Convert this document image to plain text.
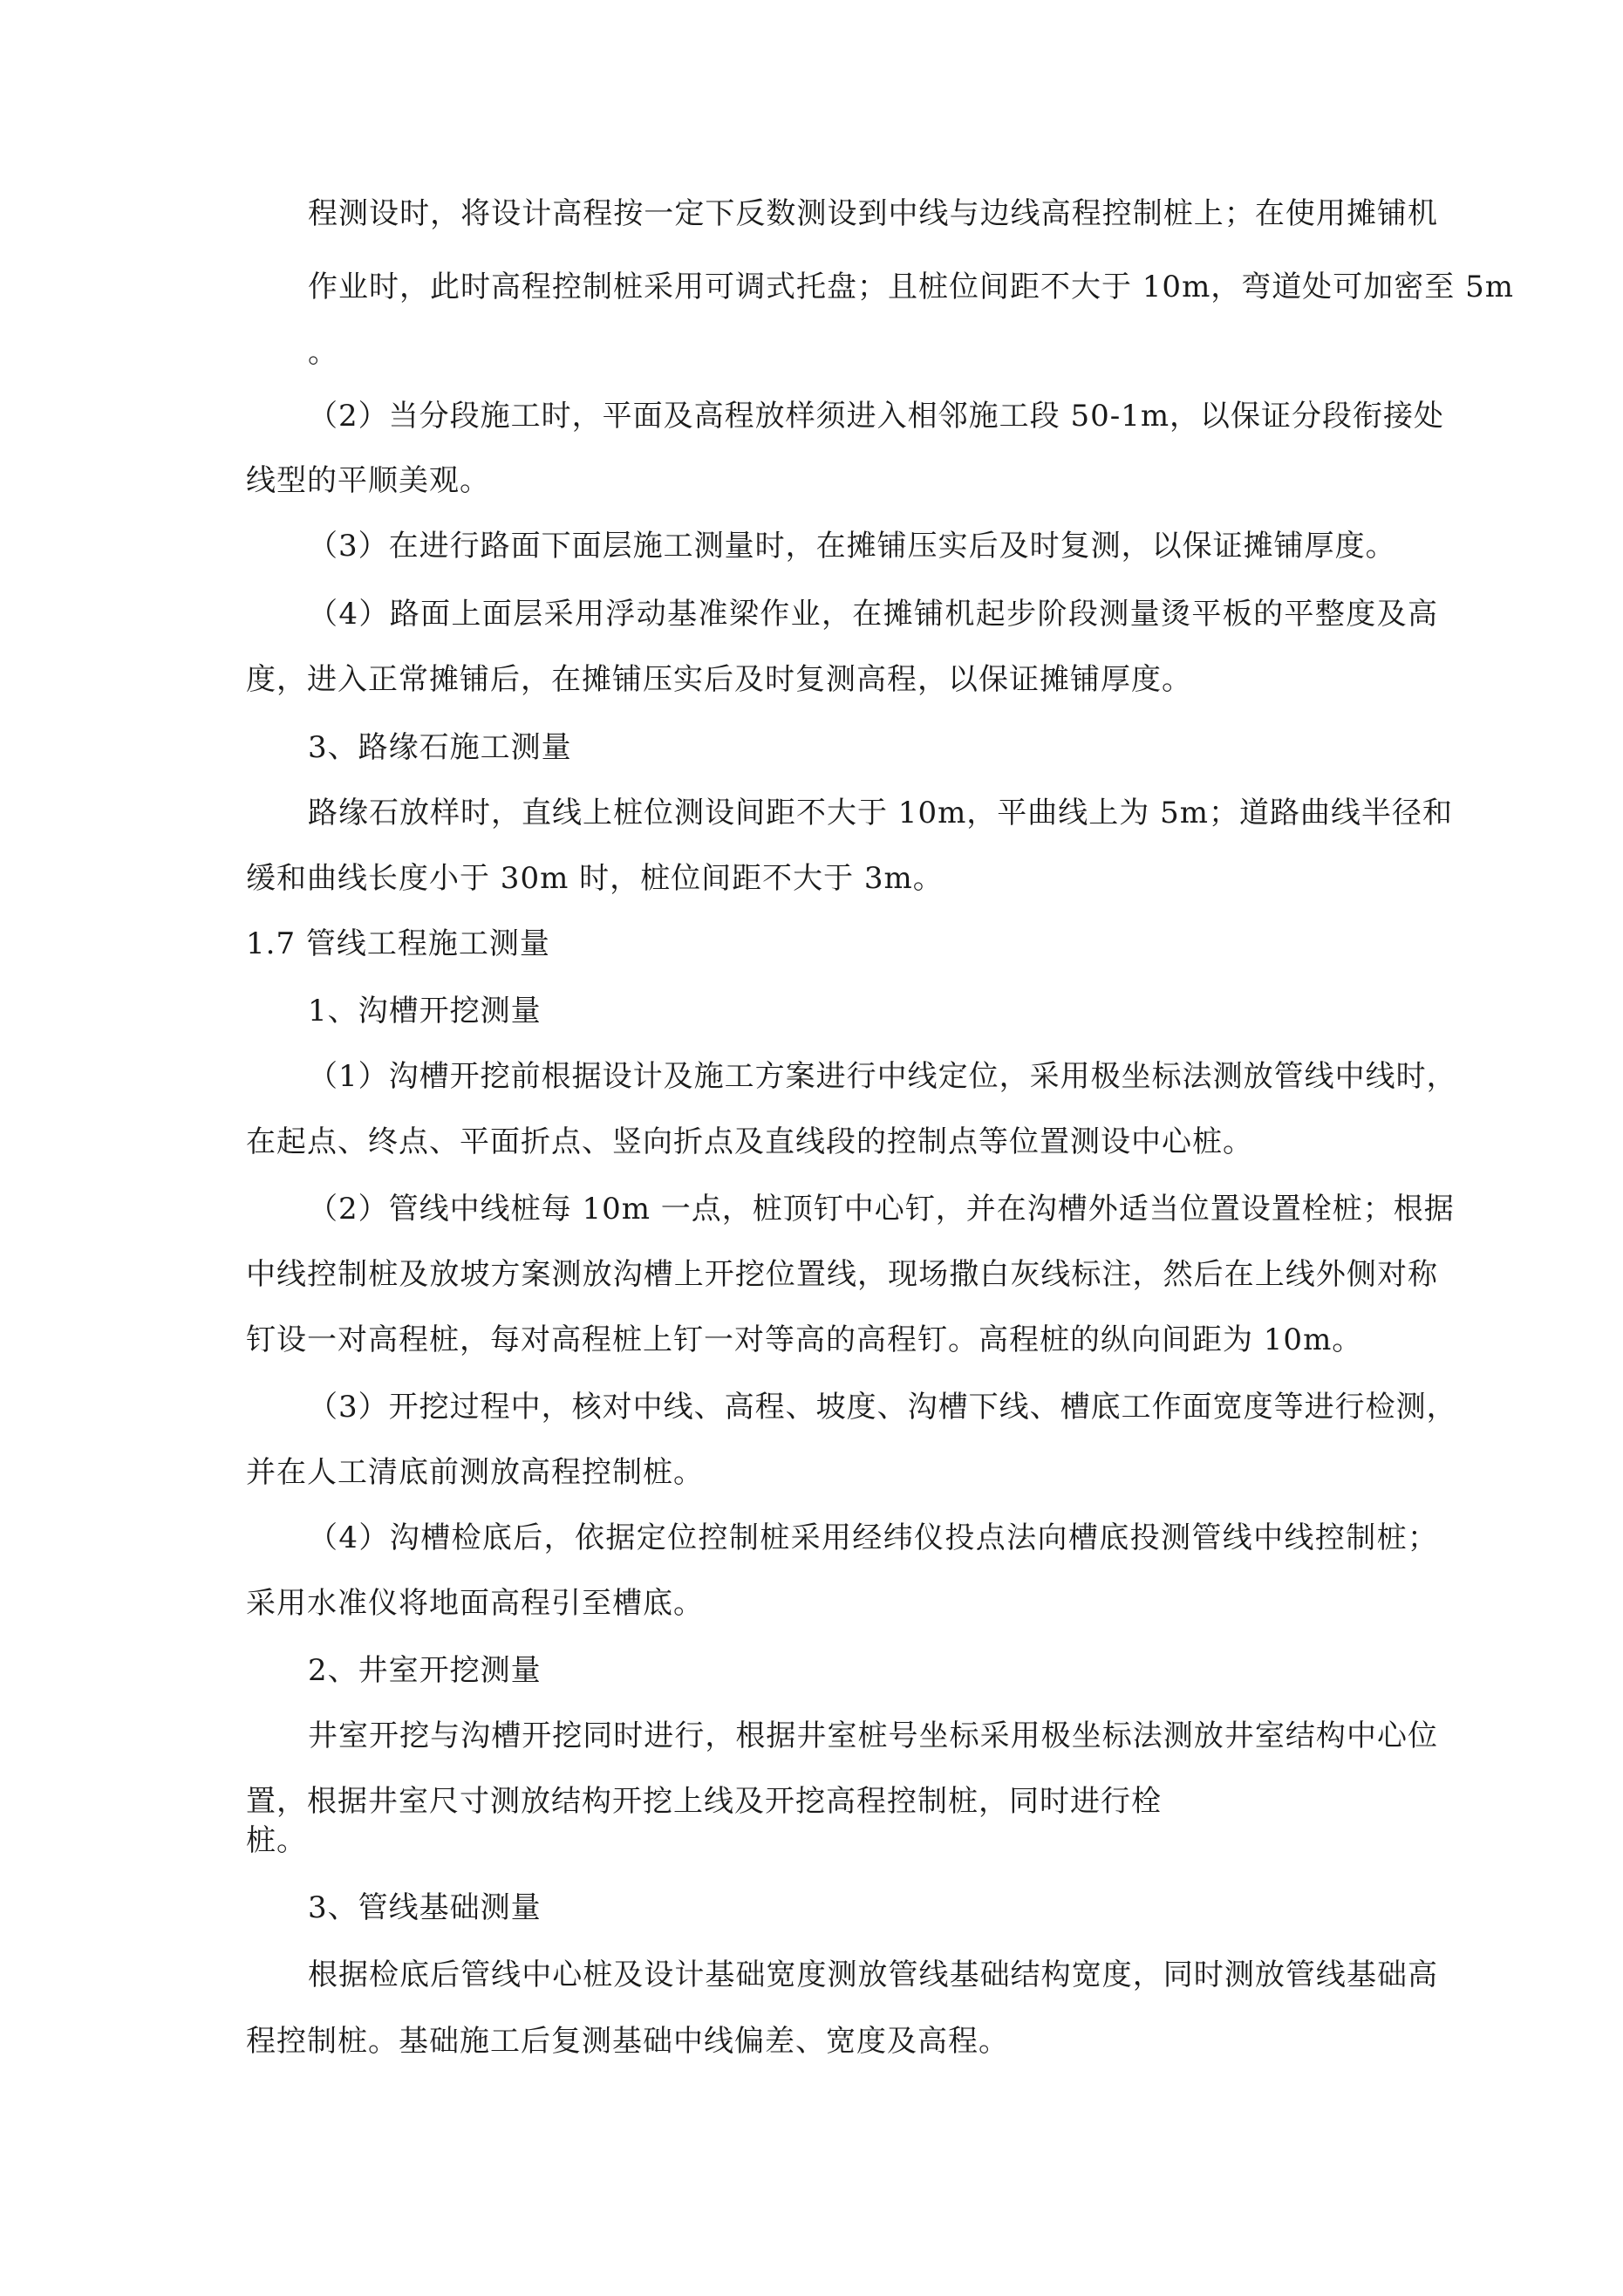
程测设时，将设计高程按一定下反数测设到中线与边线高程控制桩上；在使用摊铺机

作业时，此时高程控制桩采用可调式托盘；且桩位间距不大于 10m，弯道处可加密至 5m

。

（2）当分段施工时，平面及高程放样须进入相邻施工段 50-1m，以保证分段衔接处

线型的平顺美观。

（3）在进行路面下面层施工测量时，在摊铺压实后及时复测，以保证摊铺厚度。

（4）路面上面层采用浮动基准梁作业，在摊铺机起步阶段测量烫平板的平整度及高

度，进入正常摊铺后，在摊铺压实后及时复测高程，以保证摊铺厚度。

3、路缘石施工测量

路缘石放样时，直线上桩位测设间距不大于 10m，平曲线上为 5m；道路曲线半径和

缓和曲线长度小于 30m 时，桩位间距不大于 3m。

1.7 管线工程施工测量

1、沟槽开挖测量

（1）沟槽开挖前根据设计及施工方案进行中线定位，采用极坐标法测放管线中线时，

在起点、终点、平面折点、竖向折点及直线段的控制点等位置测设中心桩。

（2）管线中线桩每 10m 一点，桩顶钉中心钉，并在沟槽外适当位置设置栓桩；根据

中线控制桩及放坡方案测放沟槽上开挖位置线，现场撒白灰线标注，然后在上线外侧对称

钉设一对高程桩，每对高程桩上钉一对等高的高程钉。高程桩的纵向间距为 10m。

（3）开挖过程中，核对中线、高程、坡度、沟槽下线、槽底工作面宽度等进行检测，

并在人工清底前测放高程控制桩。

（4）沟槽检底后，依据定位控制桩采用经纬仪投点法向槽底投测管线中线控制桩；

采用水准仪将地面高程引至槽底。

2、井室开挖测量

井室开挖与沟槽开挖同时进行，根据井室桩号坐标采用极坐标法测放井室结构中心位

置，根据井室尺寸测放结构开挖上线及开挖高程控制桩，同时进行栓

桩。

3、管线基础测量

根据检底后管线中心桩及设计基础宽度测放管线基础结构宽度，同时测放管线基础高

程控制桩。基础施工后复测基础中线偏差、宽度及高程。
